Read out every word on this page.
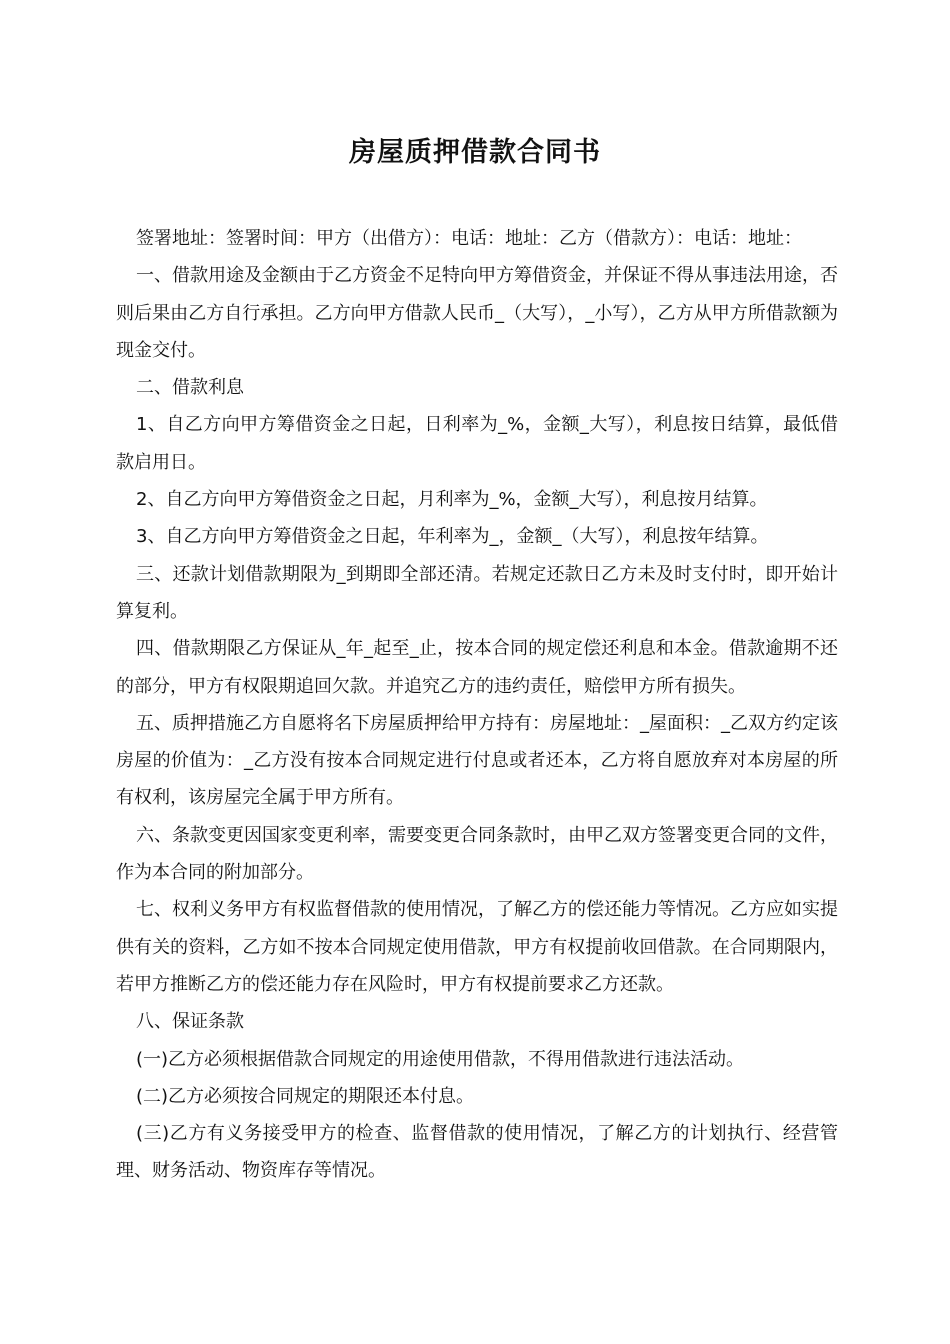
房屋质押借款合同书

签署地址：签署时间：甲方（出借方）：电话：地址：乙方（借款方）：电话：地址：

一、借款用途及金额由于乙方资金不足特向甲方筹借资金，并保证不得从事违法用途，否则后果由乙方自行承担。乙方向甲方借款人民币_（大写），_小写），乙方从甲方所借款额为现金交付。

二、借款利息

1、自乙方向甲方筹借资金之日起，日利率为_%，金额_大写），利息按日结算，最低借款启用日。

2、自乙方向甲方筹借资金之日起，月利率为_%，金额_大写），利息按月结算。

3、自乙方向甲方筹借资金之日起，年利率为_，金额_（大写），利息按年结算。

三、还款计划借款期限为_到期即全部还清。若规定还款日乙方未及时支付时，即开始计算复利。

四、借款期限乙方保证从_年_起至_止，按本合同的规定偿还利息和本金。借款逾期不还的部分，甲方有权限期追回欠款。并追究乙方的违约责任，赔偿甲方所有损失。

五、质押措施乙方自愿将名下房屋质押给甲方持有：房屋地址：_屋面积：_乙双方约定该房屋的价值为：_乙方没有按本合同规定进行付息或者还本，乙方将自愿放弃对本房屋的所有权利，该房屋完全属于甲方所有。

六、条款变更因国家变更利率，需要变更合同条款时，由甲乙双方签署变更合同的文件，作为本合同的附加部分。

七、权利义务甲方有权监督借款的使用情况，了解乙方的偿还能力等情况。乙方应如实提供有关的资料，乙方如不按本合同规定使用借款，甲方有权提前收回借款。在合同期限内，若甲方推断乙方的偿还能力存在风险时，甲方有权提前要求乙方还款。

八、保证条款

(一)乙方必须根据借款合同规定的用途使用借款，不得用借款进行违法活动。

(二)乙方必须按合同规定的期限还本付息。

(三)乙方有义务接受甲方的检查、监督借款的使用情况，了解乙方的计划执行、经营管理、财务活动、物资库存等情况。
